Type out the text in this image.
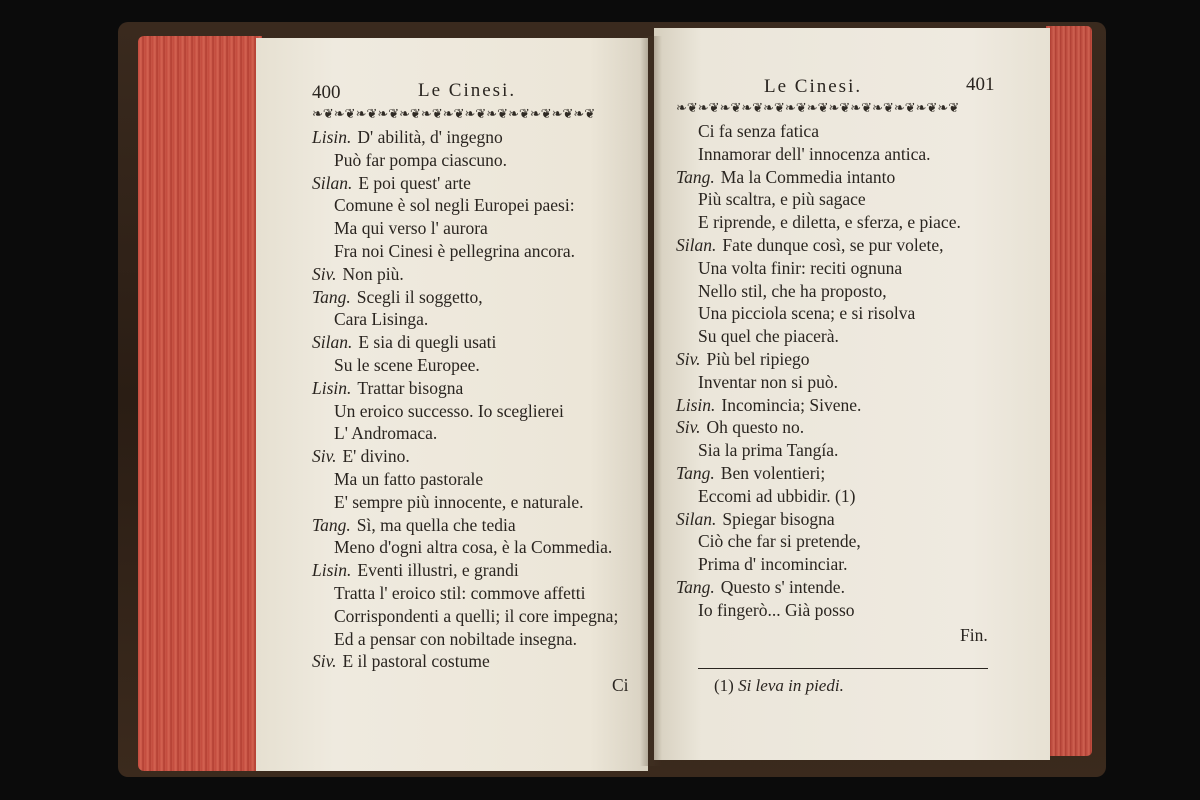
400	Le Cinesi.
❧❦❧❦❧❦❧❦❧❦❧❦❧❦❧❦❧❦❧❦❧❦❧❦❧❦
Lisin. D' abilità, d' ingegno
Può far pompa ciascuno.
Silan. E poi quest' arte
Comune è sol negli Europei paesi:
Ma qui verso l' aurora
Fra noi Cinesi è pellegrina ancora.
Siv. Non più.
Tang. Scegli il soggetto,
Cara Lisinga.
Silan. E sia di quegli usati
Su le scene Europee.
Lisin. Trattar bisogna
Un eroico successo. Io sceglierei
L' Andromaca.
Siv. E' divino.
Ma un fatto pastorale
E' sempre più innocente, e naturale.
Tang. Sì, ma quella che tedia
Meno d'ogni altra cosa, è la Commedia.
Lisin. Eventi illustri, e grandi
Tratta l' eroico stil: commove affetti
Corrispondenti a quelli; il core impegna;
Ed a pensar con nobiltade insegna.
Siv. E il pastoral costume
Ci
Le Cinesi.	401
❧❦❧❦❧❦❧❦❧❦❧❦❧❦❧❦❧❦❧❦❧❦❧❦❧❦
Ci fa senza fatica
Innamorar dell' innocenza antica.
Tang. Ma la Commedia intanto
Più scaltra, e più sagace
E riprende, e diletta, e sferza, e piace.
Silan. Fate dunque così, se pur volete,
Una volta finir: reciti ognuna
Nello stil, che ha proposto,
Una picciola scena; e si risolva
Su quel che piacerà.
Siv. Più bel ripiego
Inventar non si può.
Lisin. Incomincia; Sivene.
Siv. Oh questo no.
Sia la prima Tangía.
Tang. Ben volentieri;
Eccomi ad ubbidir. (1)
Silan. Spiegar bisogna
Ciò che far si pretende,
Prima d' incominciar.
Tang. Questo s' intende.
Io fingerò... Già posso
Fin.
(1) Si leva in piedi.
